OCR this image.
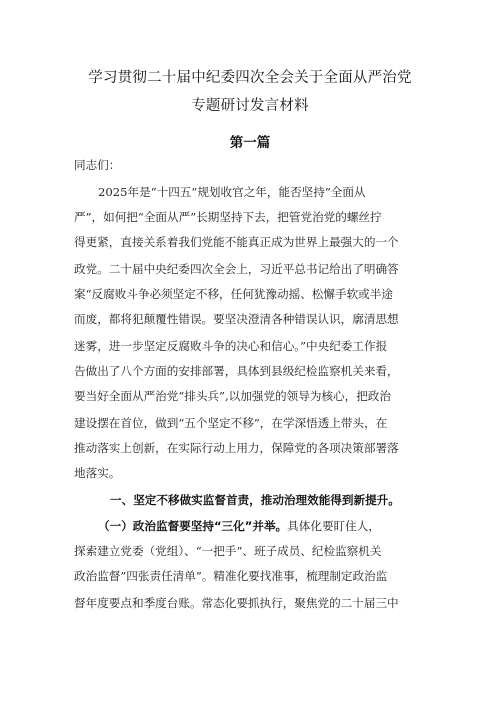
学习贯彻二十届中纪委四次全会关于全面从严治党
专题研讨发言材料
第一篇
同志们：
2025年是“十四五”规划收官之年，能否坚持“全面从
严”，如何把“全面从严”长期坚持下去，把管党治党的螺丝拧
得更紧，直接关系着我们党能不能真正成为世界上最强大的一个
政党。二十届中央纪委四次全会上，习近平总书记给出了明确答
案“反腐败斗争必须坚定不移，任何犹豫动摇、松懈手软或半途
而废，都将犯颠覆性错误。要坚决澄清各种错误认识，廓清思想
迷雾，进一步坚定反腐败斗争的决心和信心。”中央纪委工作报
告做出了八个方面的安排部署，具体到县级纪检监察机关来看，
要当好全面从严治党“排头兵”,以加强党的领导为核心，把政治
建设摆在首位，做到“五个坚定不移”，在学深悟透上带头，在
推动落实上创新，在实际行动上用力，保障党的各项决策部署落
地落实。
一、坚定不移做实监督首责，推动治理效能得到新提升。
（一）政治监督要坚持“三化”并举。具体化要盯住人，
探索建立党委（党组）、“一把手”、班子成员、纪检监察机关
政治监督”四张责任清单”。精准化要找准事，梳理制定政治监
督年度要点和季度台账。常态化要抓执行，聚焦党的二十届三中
